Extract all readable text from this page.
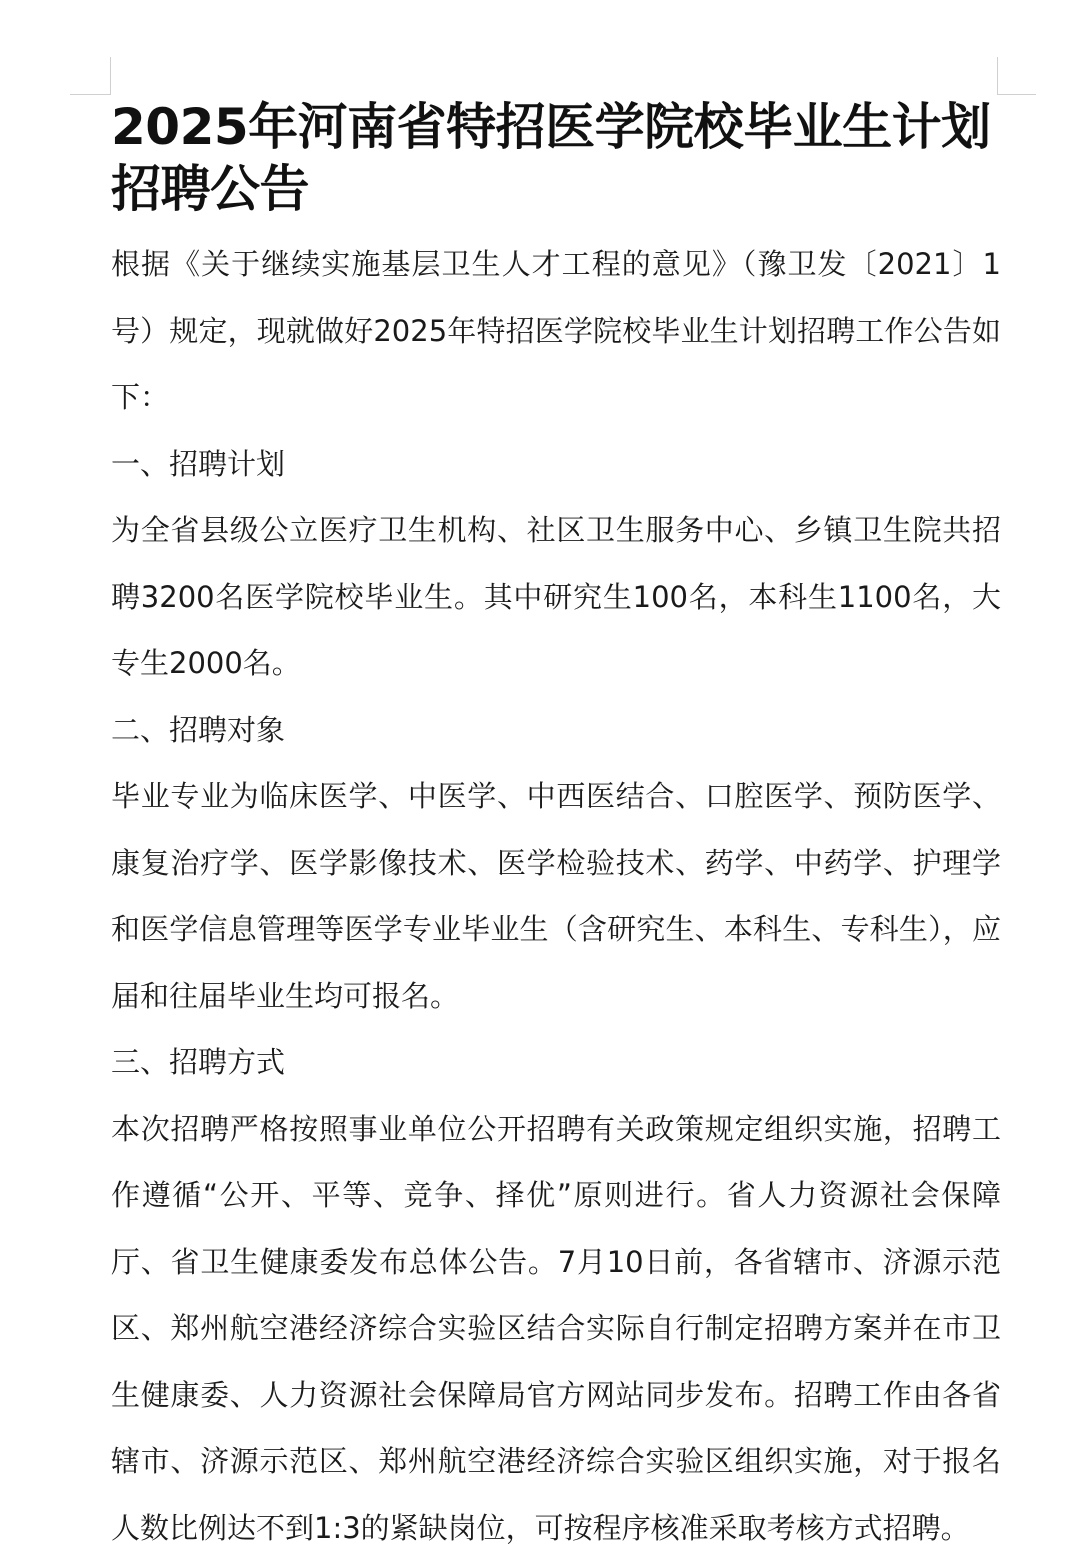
2025年河南省特招医学院校毕业生计划招聘公告

根据《关于继续实施基层卫生人才工程的意见》（豫卫发〔2021〕1号）规定，现就做好2025年特招医学院校毕业生计划招聘工作公告如下：

一、招聘计划

为全省县级公立医疗卫生机构、社区卫生服务中心、乡镇卫生院共招聘3200名医学院校毕业生。其中研究生100名，本科生1100名，大专生2000名。

二、招聘对象

毕业专业为临床医学、中医学、中西医结合、口腔医学、预防医学、康复治疗学、医学影像技术、医学检验技术、药学、中药学、护理学和医学信息管理等医学专业毕业生（含研究生、本科生、专科生），应届和往届毕业生均可报名。

三、招聘方式

本次招聘严格按照事业单位公开招聘有关政策规定组织实施，招聘工作遵循“公开、平等、竞争、择优”原则进行。省人力资源社会保障厅、省卫生健康委发布总体公告。7月10日前，各省辖市、济源示范区、郑州航空港经济综合实验区结合实际自行制定招聘方案并在市卫生健康委、人力资源社会保障局官方网站同步发布。招聘工作由各省辖市、济源示范区、郑州航空港经济综合实验区组织实施，对于报名人数比例达不到1:3的紧缺岗位，可按程序核准采取考核方式招聘。
